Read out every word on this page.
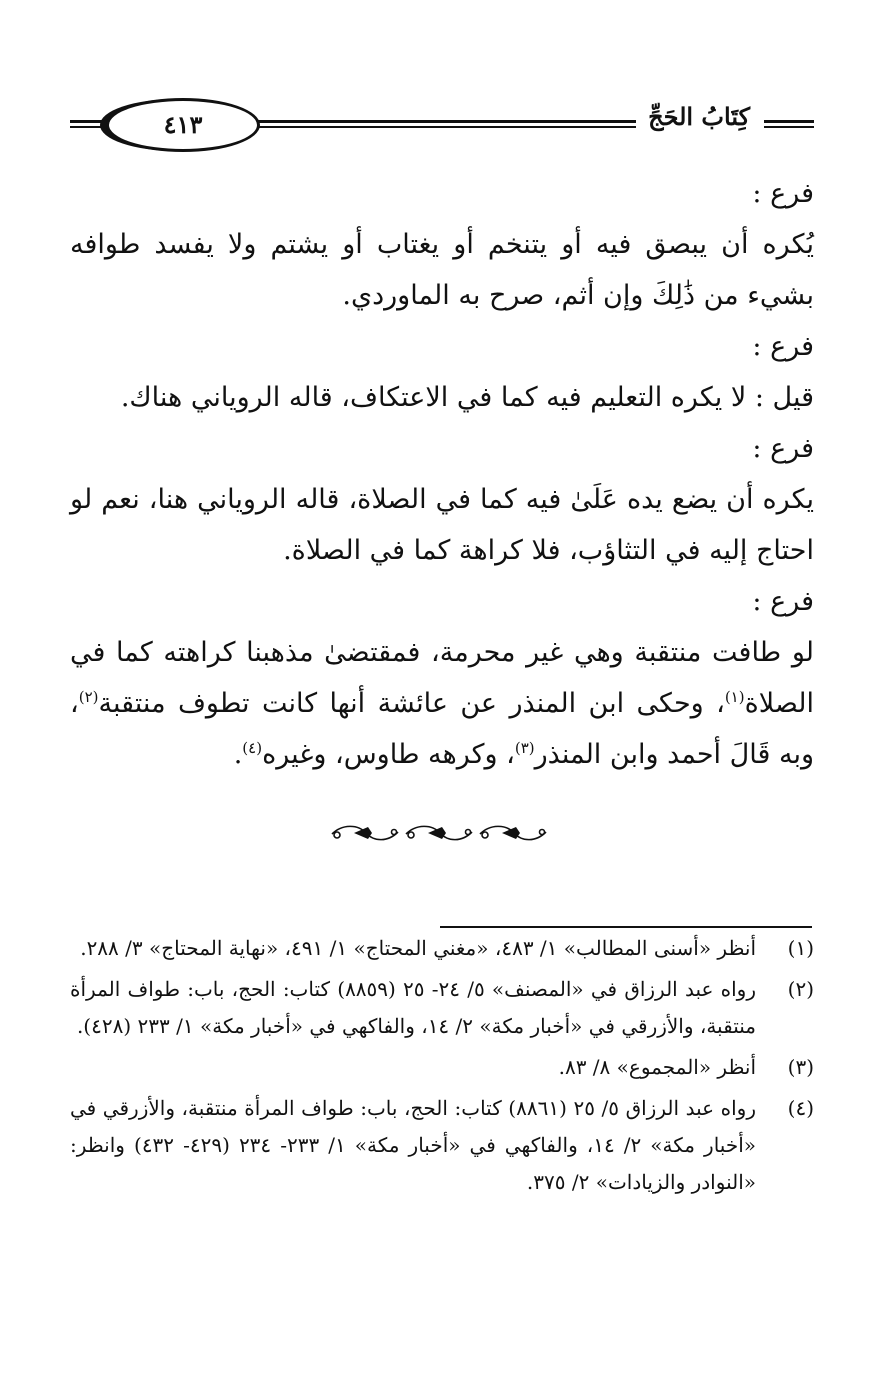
٤١٣	كِتَابُ الحَجِّ

فرع :

يُكره أن يبصق فيه أو يتنخم أو يغتاب أو يشتم ولا يفسد طوافه بشيء من ذَٰلِكَ وإن أثم، صرح به الماوردي.

فرع :

قيل : لا يكره التعليم فيه كما في الاعتكاف، قاله الروياني هناك.

فرع :

يكره أن يضع يده عَلَىٰ فيه كما في الصلاة، قاله الروياني هنا، نعم لو احتاج إليه في التثاؤب، فلا كراهة كما في الصلاة.

فرع :

لو طافت منتقبة وهي غير محرمة، فمقتضىٰ مذهبنا كراهته كما في الصلاة$^{(١)}$، وحكى ابن المنذر عن عائشة أنها كانت تطوف منتقبة$^{(٢)}$، وبه قَالَ أحمد وابن المنذر$^{(٣)}$، وكرهه طاوس، وغيره$^{(٤)}$.

(١)
أنظر «أسنى المطالب» ١/ ٤٨٣، «مغني المحتاج» ١/ ٤٩١، «نهاية المحتاج» ٣/ ٢٨٨.

(٢)
رواه عبد الرزاق في «المصنف» ٥/ ٢٤- ٢٥ (٨٨٥٩) كتاب: الحج، باب: طواف المرأة منتقبة، والأزرقي في «أخبار مكة» ٢/ ١٤، والفاكهي في «أخبار مكة» ١/ ٢٣٣ (٤٢٨).

(٣)
أنظر «المجموع» ٨/ ٨٣.

(٤)
رواه عبد الرزاق ٥/ ٢٥ (٨٨٦١) كتاب: الحج، باب: طواف المرأة منتقبة، والأزرقي في «أخبار مكة» ٢/ ١٤، والفاكهي في «أخبار مكة» ١/ ٢٣٣- ٢٣٤ (٤٢٩- ٤٣٢) وانظر: «النوادر والزيادات» ٢/ ٣٧٥.
